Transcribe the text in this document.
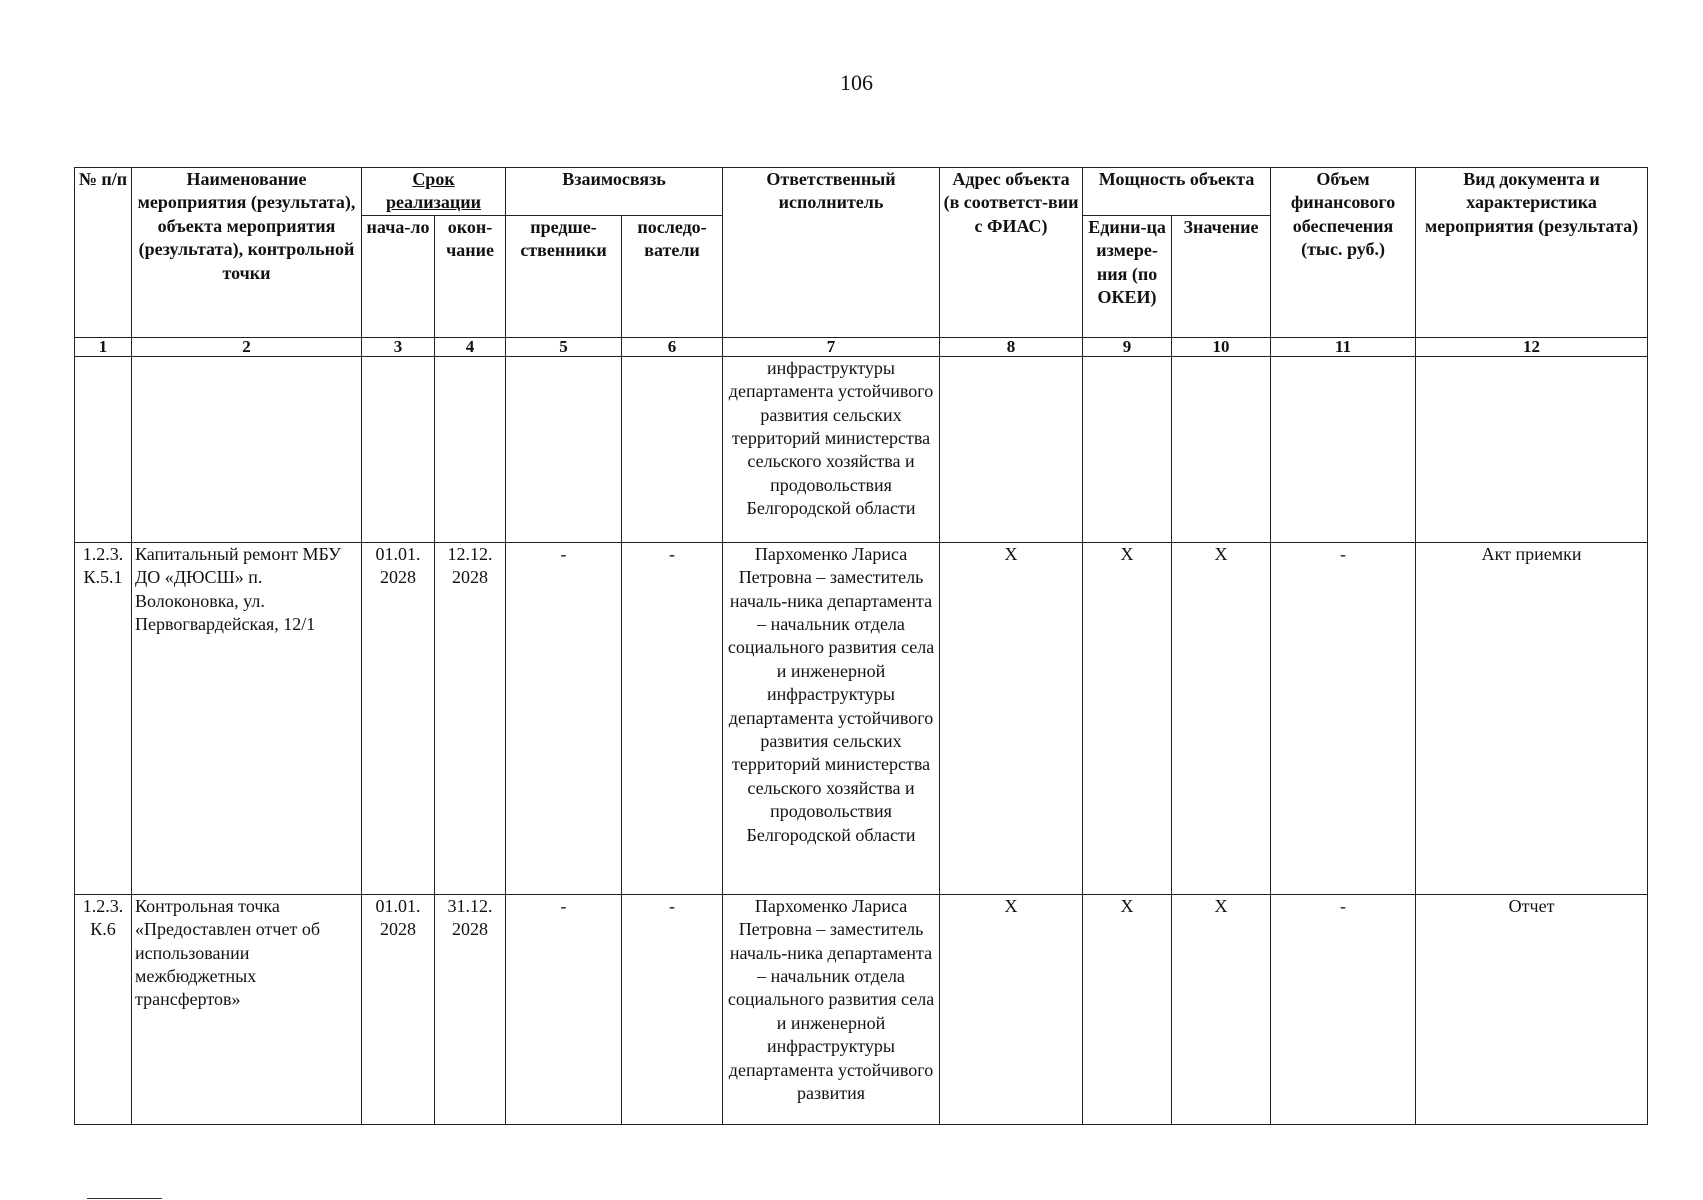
106
№ п/п	Наименование мероприятия (результата), объекта мероприятия (результата), контрольной точки	Срок реализации		Взаимосвязь		Ответственный исполнитель	Адрес объекта (в соответст-вии с ФИАС)	Мощность объекта		Объем финансового обеспечения (тыс. руб.)	Вид документа и характеристика мероприятия (результата)
		нача-ло	окон-чание	предше-ственники	последо-ватели			Едини-ца измере-ния (по ОКЕИ)	Значение		
1	2	3	4	5	6	7	8	9	10	11	12
						инфраструктуры департамента устойчивого развития сельских территорий министерства сельского хозяйства и продовольствия Белгородской области					
1.2.3. К.5.1	Капитальный ремонт МБУ ДО «ДЮСШ» п. Волоконовка, ул. Первогвардейская, 12/1	01.01. 2028	12.12. 2028	-	-	Пархоменко Лариса Петровна – заместитель началь-ника департамента – начальник отдела социального развития села и инженерной инфраструктуры департамента устойчивого развития сельских территорий министерства сельского хозяйства и продовольствия Белгородской области	Х	Х	Х	-	Акт приемки
1.2.3. К.6	Контрольная точка «Предоставлен отчет об использовании межбюджетных трансфертов»	01.01. 2028	31.12. 2028	-	-	Пархоменко Лариса Петровна – заместитель началь-ника департамента – начальник отдела социального развития села и инженерной инфраструктуры департамента устойчивого развития	Х	Х	Х	-	Отчет
